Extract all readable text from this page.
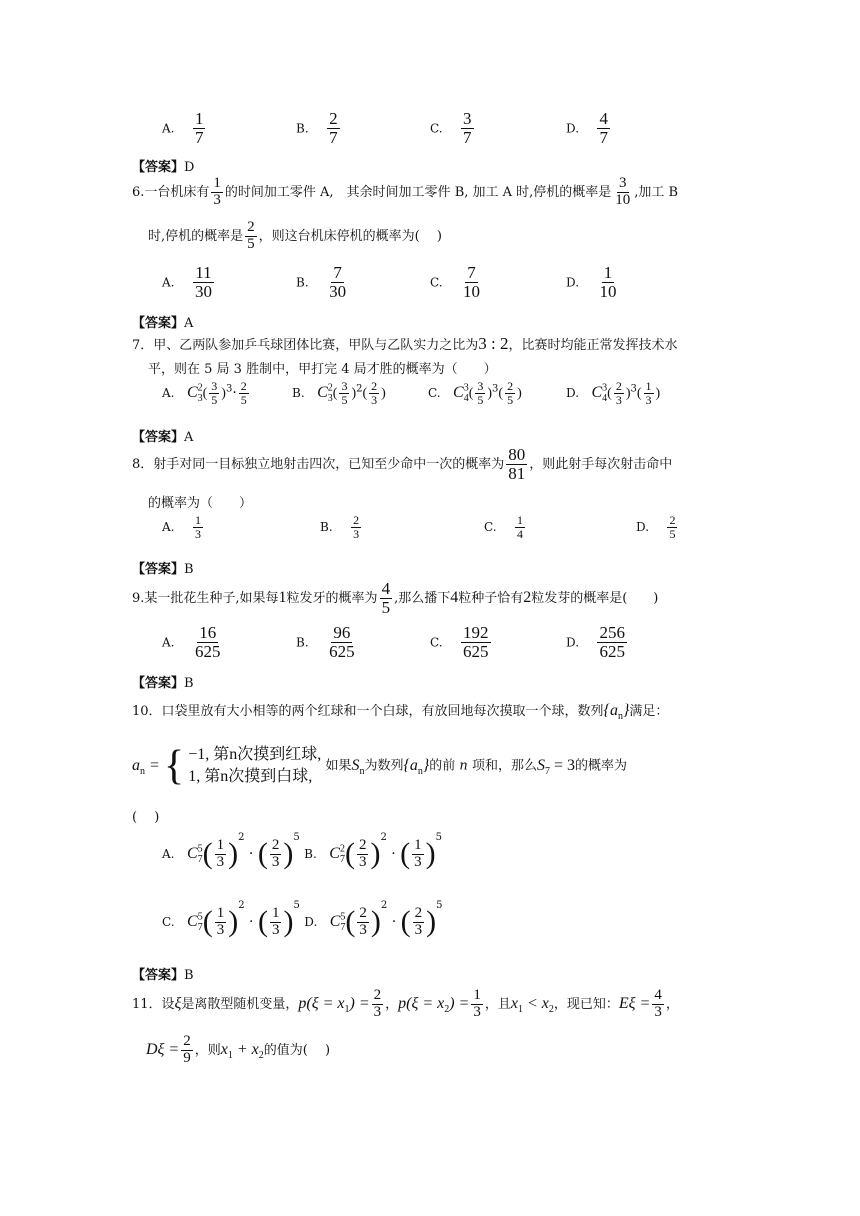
A. $\frac{1}{7}$	B. $\frac{2}{7}$	C. $\frac{3}{7}$	D. $\frac{4}{7}$
【答案】D
6.一台机床有 $\frac{1}{3}$ 的时间加工零件 A,　其余时间加工零件 B, 加工 A 时,停机的概率是 $\frac{3}{10}$ ,加工 B
时,停机的概率是 $\frac{2}{5}$ ，则这台机床停机的概率为(　 )
A. $\frac{11}{30}$	B. $\frac{7}{30}$	C. $\frac{7}{10}$	D. $\frac{1}{10}$
【答案】A
7．甲、乙两队参加乒乓球团体比赛，甲队与乙队实力之比为3 : 2，比赛时均能正常发挥技术水
平，则在 5 局 3 胜制中，甲打完 4 局才胜的概率为（　　）
A. $C^2_3( \frac{3}{5} )^3\cdot \frac{2}{5}$	B. $C^2_3( \frac{3}{5} )^2( \frac{2}{3}$ )	C. $C^3_4( \frac{3}{5} )^3( \frac{2}{5}$ )	D. $C^3_4( \frac{2}{3} )^3( \frac{1}{3}$ )
【答案】A
8．射手对同一目标独立地射击四次，已知至少命中一次的概率为 $\frac{80}{81}$ ，则此射手每次射击命中
的概率为（　　）
A. $\frac{1}{3}$	B. $\frac{2}{3}$	C. $\frac{1}{4}$	D. $\frac{2}{5}$
【答案】B
9.某一批花生种子,如果每1粒发牙的概率为 $\frac{4}{5}$ ,那么播下4粒种子恰有2粒发芽的概率是(　　)
A. $\frac{16}{625}$	B. $\frac{96}{625}$	C. $\frac{192}{625}$	D. $\frac{256}{625}$
【答案】B
10．口袋里放有大小相等的两个红球和一个白球，有放回地每次摸取一个球，数列$\{a_n\}$满足：
$a_n$ = { −1, 第n次摸到红球,
1, 第n次摸到白球,
如果$S_n$为数列$\{a_n\}$的前 n 项和，那么$S_7 = 3$的概率为
(　 )
A. $C^5_7( \frac{1}{3} )^2$ · ( $\frac{2}{3} )^5$ B. $C^2_7( \frac{2}{3} )^2$ · ( $\frac{1}{3} )^5$
C. $C^5_7( \frac{1}{3} )^2$ · ( $\frac{1}{3} )^5$ D. $C^5_7( \frac{2}{3} )^2$ · ( $\frac{2}{3} )^5$
【答案】B
11．设ξ是离散型随机变量，$p(\xi = x_1) = \frac{2}{3}$ ，$p(\xi = x_2) = \frac{1}{3}$ ，且$x_1 < x_2$，现已知：$E\xi = \frac{4}{3}$ ，
$D\xi = \frac{2}{9}$ ，则$x_1 + x_2$的值为(　 )
